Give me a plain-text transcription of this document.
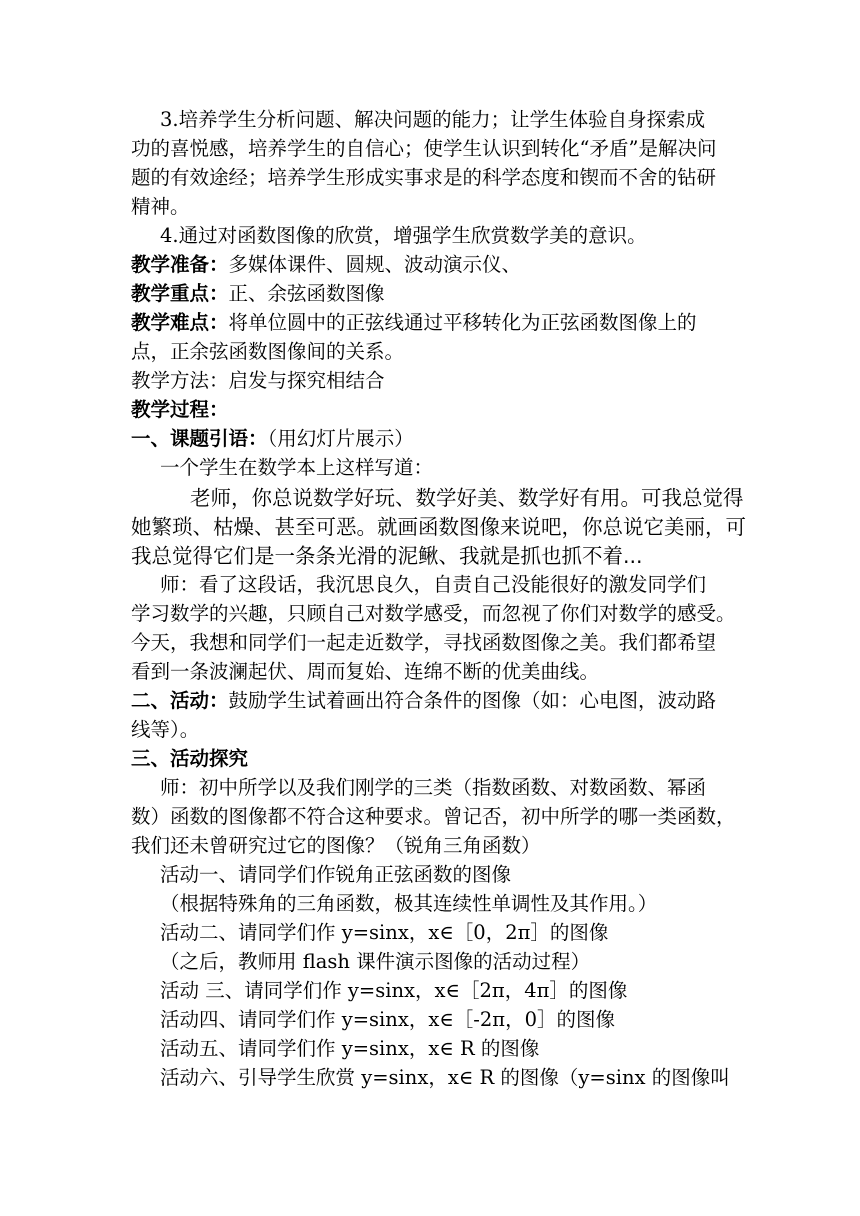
3.培养学生分析问题、解决问题的能力；让学生体验自身探索成
功的喜悦感，培养学生的自信心；使学生认识到转化“矛盾”是解决问
题的有效途经；培养学生形成实事求是的科学态度和锲而不舍的钻研
精神。
4.通过对函数图像的欣赏，增强学生欣赏数学美的意识。
教学准备：多媒体课件、圆规、波动演示仪、
教学重点：正、余弦函数图像
教学难点：将单位圆中的正弦线通过平移转化为正弦函数图像上的
点，正余弦函数图像间的关系。
教学方法：启发与探究相结合
教学过程：
一、课题引语：（用幻灯片展示）
一个学生在数学本上这样写道：
老师，你总说数学好玩、数学好美、数学好有用。可我总觉得
她繁琐、枯燥、甚至可恶。就画函数图像来说吧，你总说它美丽，可
我总觉得它们是一条条光滑的泥鳅、我就是抓也抓不着...
师：看了这段话，我沉思良久，自责自己没能很好的激发同学们
学习数学的兴趣，只顾自己对数学感受，而忽视了你们对数学的感受。
今天，我想和同学们一起走近数学，寻找函数图像之美。我们都希望
看到一条波澜起伏、周而复始、连绵不断的优美曲线。
二、活动：鼓励学生试着画出符合条件的图像（如：心电图，波动路
线等）。
三、活动探究
师：初中所学以及我们刚学的三类（指数函数、对数函数、幂函
数）函数的图像都不符合这种要求。曾记否，初中所学的哪一类函数，
我们还未曾研究过它的图像？（锐角三角函数）
活动一、请同学们作锐角正弦函数的图像
（根据特殊角的三角函数，极其连续性单调性及其作用。）
活动二、请同学们作 y=sinx，x∈［0，2π］的图像
（之后，教师用 flash 课件演示图像的活动过程）
活动 三、请同学们作 y=sinx，x∈［2π，4π］的图像
活动四、请同学们作 y=sinx，x∈［-2π，0］的图像
活动五、请同学们作 y=sinx，x∈ R 的图像
活动六、引导学生欣赏 y=sinx，x∈ R 的图像（y=sinx 的图像叫
